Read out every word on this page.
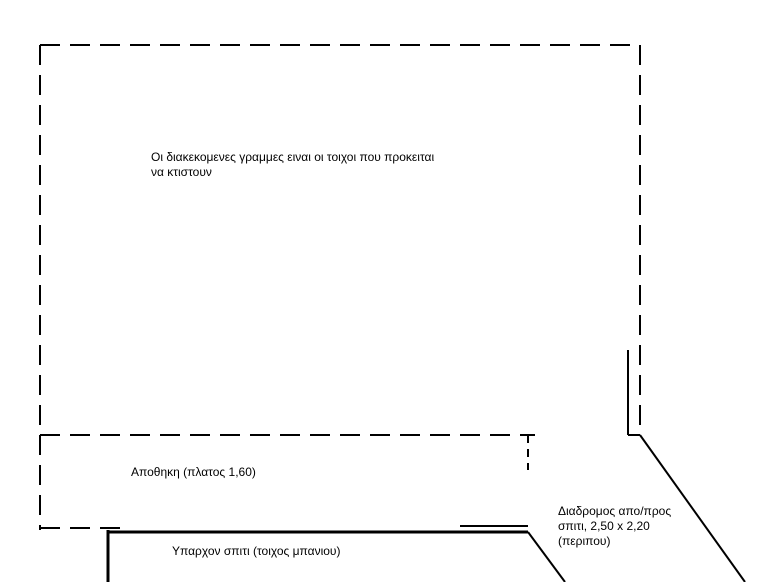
Οι διακεκομενες γραμμες ειναι οι τοιχοι που προκειται
να κτιστουν
Αποθηκη (πλατος 1,60)
Υπαρχον σπιτι (τοιχος μπανιου)
Διαδρομος απο/προς
σπιτι, 2,50 x 2,20
(περιπου)
